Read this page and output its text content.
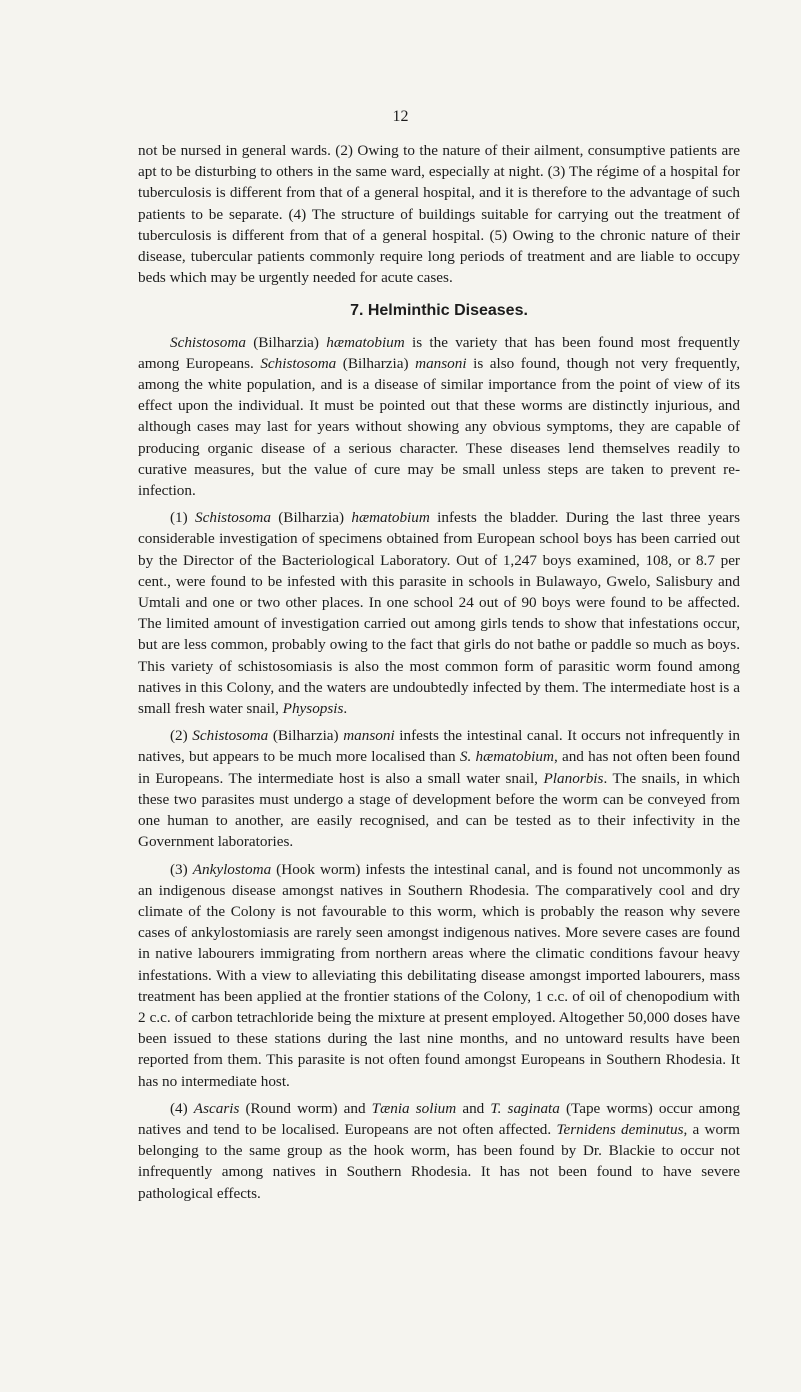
12

not be nursed in general wards. (2) Owing to the nature of their ailment, consumptive patients are apt to be disturbing to others in the same ward, especially at night. (3) The régime of a hospital for tuberculosis is different from that of a general hospital, and it is therefore to the advantage of such patients to be separate. (4) The structure of buildings suitable for carrying out the treatment of tuberculosis is different from that of a general hospital. (5) Owing to the chronic nature of their disease, tubercular patients commonly require long periods of treatment and are liable to occupy beds which may be urgently needed for acute cases.

7. Helminthic Diseases.

Schistosoma (Bilharzia) hæmatobium is the variety that has been found most frequently among Europeans. Schistosoma (Bilharzia) mansoni is also found, though not very frequently, among the white population, and is a disease of similar importance from the point of view of its effect upon the individual. It must be pointed out that these worms are distinctly injurious, and although cases may last for years without showing any obvious symptoms, they are capable of producing organic disease of a serious character. These diseases lend themselves readily to curative measures, but the value of cure may be small unless steps are taken to prevent re-infection.

(1) Schistosoma (Bilharzia) hæmatobium infests the bladder. During the last three years considerable investigation of specimens obtained from European school boys has been carried out by the Director of the Bacteriological Laboratory. Out of 1,247 boys examined, 108, or 8.7 per cent., were found to be infested with this parasite in schools in Bulawayo, Gwelo, Salisbury and Umtali and one or two other places. In one school 24 out of 90 boys were found to be affected. The limited amount of investigation carried out among girls tends to show that infestations occur, but are less common, probably owing to the fact that girls do not bathe or paddle so much as boys. This variety of schistosomiasis is also the most common form of parasitic worm found among natives in this Colony, and the waters are undoubtedly infected by them. The intermediate host is a small fresh water snail, Physopsis.

(2) Schistosoma (Bilharzia) mansoni infests the intestinal canal. It occurs not infrequently in natives, but appears to be much more localised than S. hæmatobium, and has not often been found in Europeans. The intermediate host is also a small water snail, Planorbis. The snails, in which these two parasites must undergo a stage of development before the worm can be conveyed from one human to another, are easily recognised, and can be tested as to their infectivity in the Government laboratories.

(3) Ankylostoma (Hook worm) infests the intestinal canal, and is found not uncommonly as an indigenous disease amongst natives in Southern Rhodesia. The comparatively cool and dry climate of the Colony is not favourable to this worm, which is probably the reason why severe cases of ankylostomiasis are rarely seen amongst indigenous natives. More severe cases are found in native labourers immigrating from northern areas where the climatic conditions favour heavy infestations. With a view to alleviating this debilitating disease amongst imported labourers, mass treatment has been applied at the frontier stations of the Colony, 1 c.c. of oil of chenopodium with 2 c.c. of carbon tetrachloride being the mixture at present employed. Altogether 50,000 doses have been issued to these stations during the last nine months, and no untoward results have been reported from them. This parasite is not often found amongst Europeans in Southern Rhodesia. It has no intermediate host.

(4) Ascaris (Round worm) and Tænia solium and T. saginata (Tape worms) occur among natives and tend to be localised. Europeans are not often affected. Ternidens deminutus, a worm belonging to the same group as the hook worm, has been found by Dr. Blackie to occur not infrequently among natives in Southern Rhodesia. It has not been found to have severe pathological effects.
